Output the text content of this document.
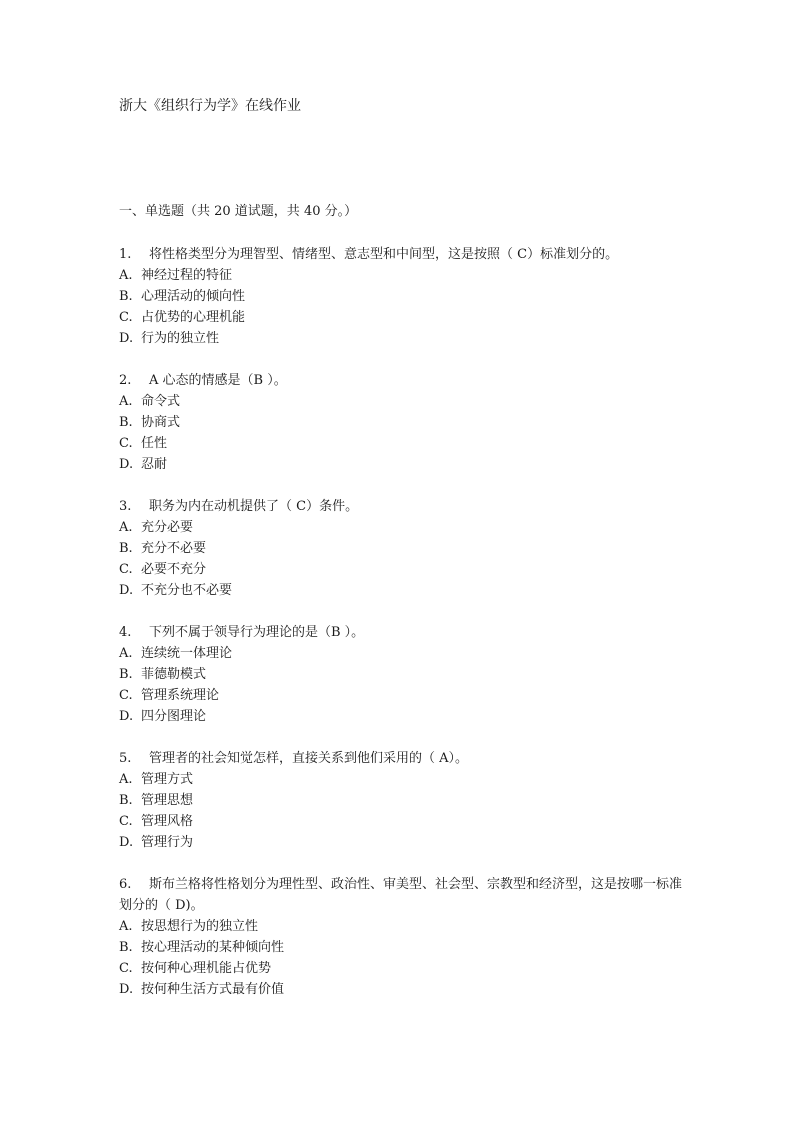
浙大《组织行为学》在线作业
一、单选题（共 20 道试题，共 40 分。）

1. 将性格类型分为理智型、情绪型、意志型和中间型，这是按照（ C）标准划分的。

A. 神经过程的特征
B. 心理活动的倾向性
C. 占优势的心理机能
D. 行为的独立性

2. A 心态的情感是（B ）。

A. 命令式
B. 协商式
C. 任性
D. 忍耐

3. 职务为内在动机提供了（ C）条件。

A. 充分必要
B. 充分不必要
C. 必要不充分
D. 不充分也不必要

4. 下列不属于领导行为理论的是（B ）。

A. 连续统一体理论
B. 菲德勒模式
C. 管理系统理论
D. 四分图理论

5. 管理者的社会知觉怎样，直接关系到他们采用的（ A）。

A. 管理方式
B. 管理思想
C. 管理风格
D. 管理行为

6. 斯布兰格将性格划分为理性型、政治性、审美型、社会型、宗教型和经济型，这是按哪一标准划分的（ D)。

A. 按思想行为的独立性
B. 按心理活动的某种倾向性
C. 按何种心理机能占优势
D. 按何种生活方式最有价值
